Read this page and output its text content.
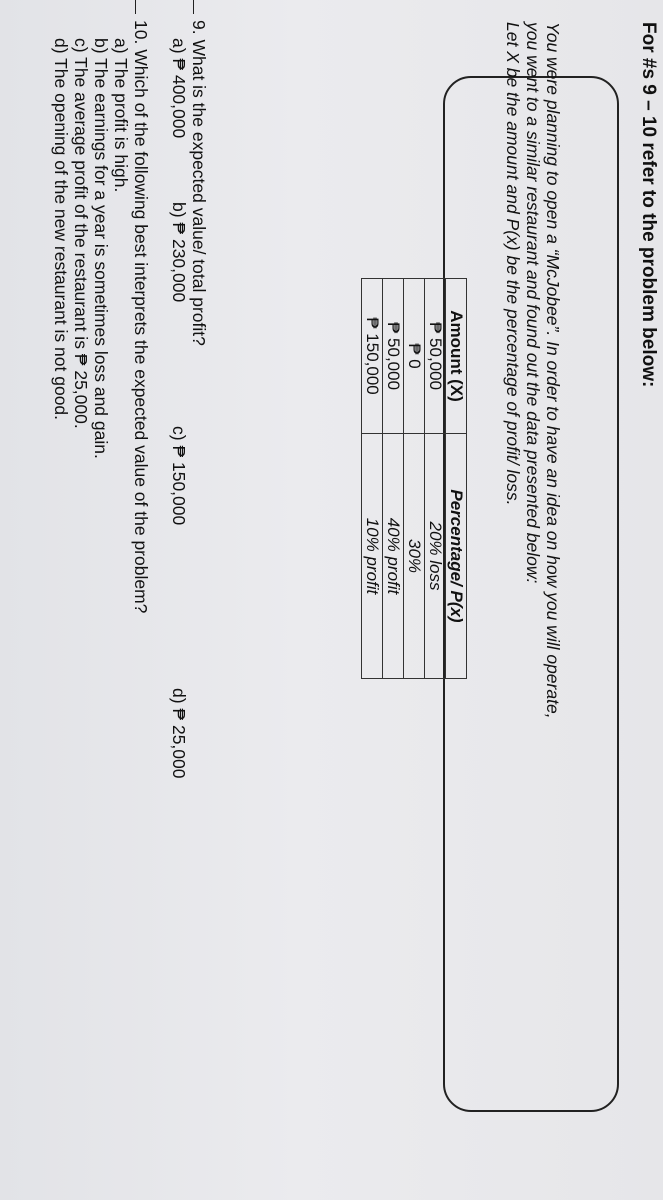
For #s 9 – 10 refer to the problem below:
You were planning to open a “McJobee”. In order to have an idea on how you will operate,
you went to a similar restaurant and found out the data presented below:
Let X be the amount and P(x) be the percentage of profit/ loss.
Amount (X)	Percentage/ P(x)
₱ 50,000	20% loss
₱ 0	30%
₱ 50,000	40% profit
₱ 150,000	10% profit
9. What is the expected value/ total profit?
a) ₱ 400,000
b) ₱ 230,000
c) ₱ 150,000
d) ₱ 25,000
10. Which of the following best interprets the expected value of the problem?
a) The profit is high.
b) The earnings for a year is sometimes loss and gain.
c) The average profit of the restaurant is ₱ 25,000.
d) The opening of the new restaurant is not good.
